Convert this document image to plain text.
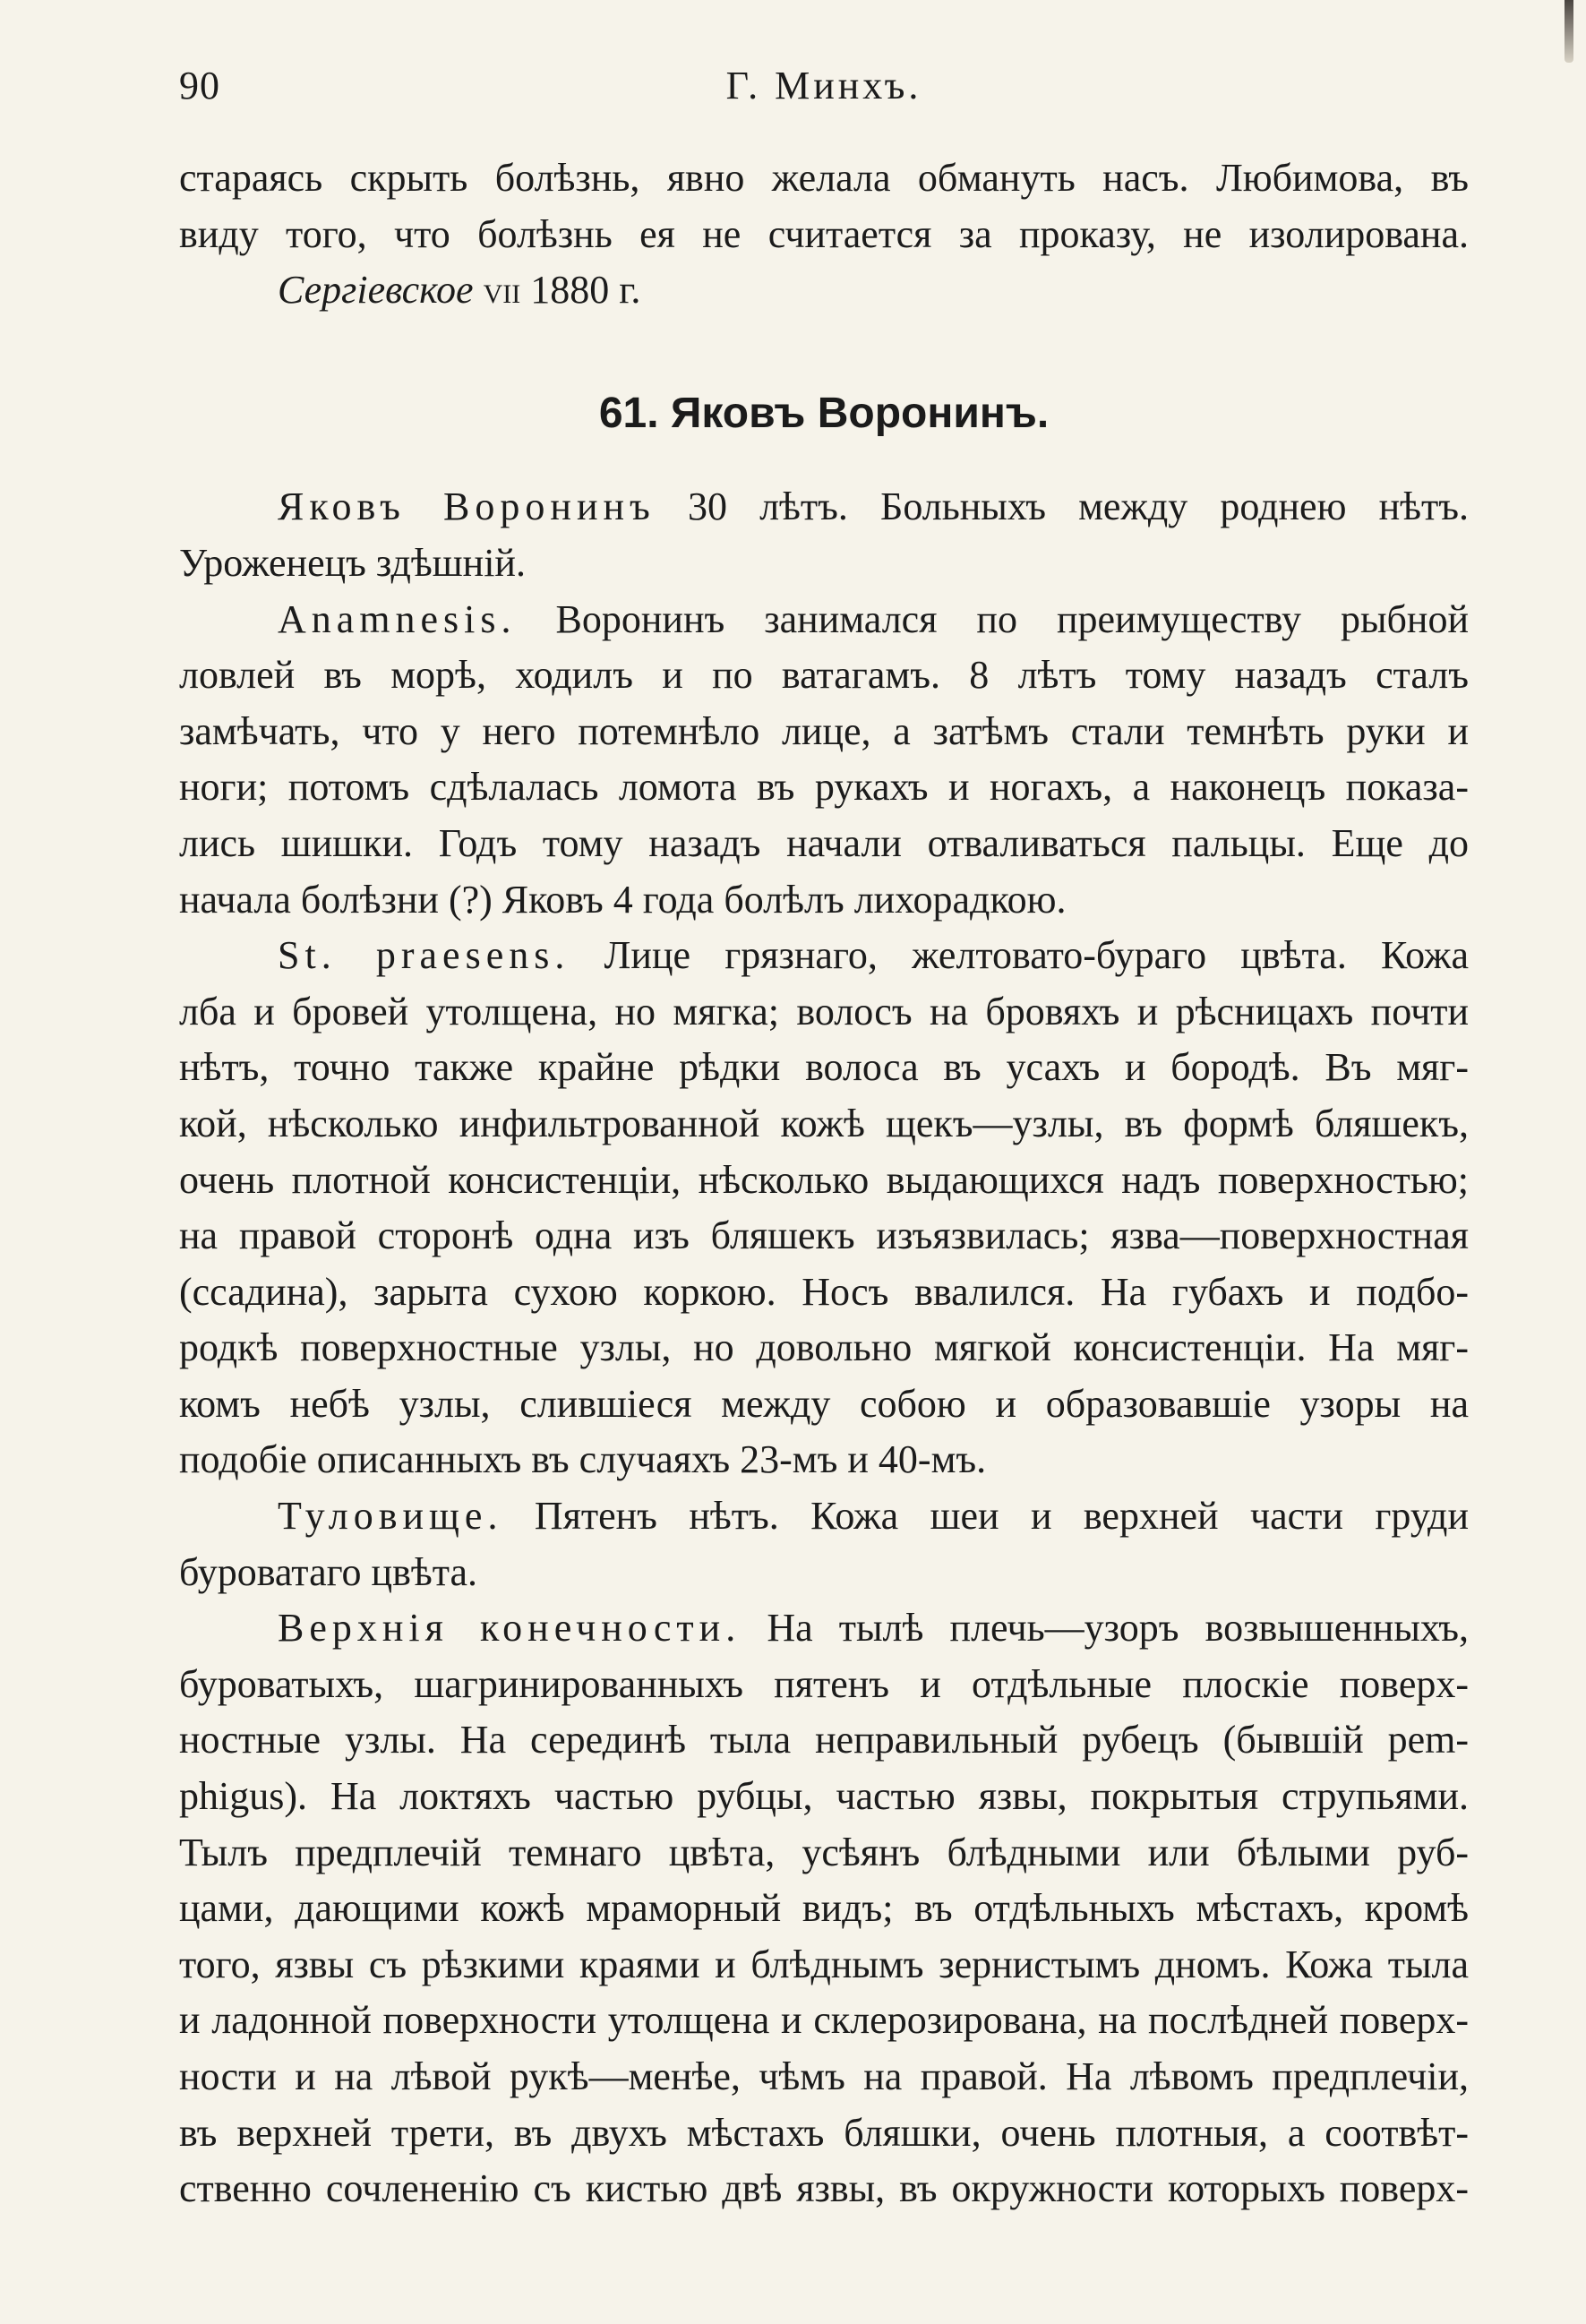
90	Г. Минхъ.

стараясь скрыть болѣзнь, явно желала обмануть насъ. Любимова, въ

виду того, что болѣзнь ея не считается за проказу, не изолирована.

Сергіевское VII 1880 г.

61. Яковъ Воронинъ.

Яковъ Воронинъ 30 лѣтъ. Больныхъ между роднею нѣтъ.

Уроженецъ здѣшній.

Anamnesis. Воронинъ занимался по преимуществу рыбной

ловлей въ морѣ, ходилъ и по ватагамъ. 8 лѣтъ тому назадъ сталъ

замѣчать, что у него потемнѣло лице, а затѣмъ стали темнѣть руки и

ноги; потомъ сдѣлалась ломота въ рукахъ и ногахъ, а наконецъ показа-

лись шишки. Годъ тому назадъ начали отваливаться пальцы. Еще до

начала болѣзни (?) Яковъ 4 года болѣлъ лихорадкою.

St. praesens. Лице грязнаго, желтовато-бураго цвѣта. Кожа

лба и бровей утолщена, но мягка; волосъ на бровяхъ и рѣсницахъ почти

нѣтъ, точно также крайне рѣдки волоса въ усахъ и бородѣ. Въ мяг-

кой, нѣсколько инфильтрованной кожѣ щекъ—узлы, въ формѣ бляшекъ,

очень плотной консистенціи, нѣсколько выдающихся надъ поверхностью;

на правой сторонѣ одна изъ бляшекъ изъязвилась; язва—поверхностная

(ссадина), зарыта сухою коркою. Носъ ввалился. На губахъ и подбо-

родкѣ поверхностные узлы, но довольно мягкой консистенціи. На мяг-

комъ небѣ узлы, слившіеся между собою и образовавшіе узоры на

подобіе описанныхъ въ случаяхъ 23-мъ и 40-мъ.

Туловище. Пятенъ нѣтъ. Кожа шеи и верхней части груди

буроватаго цвѣта.

Верхнія конечности. На тылѣ плечь—узоръ возвышенныхъ,

буроватыхъ, шагринированныхъ пятенъ и отдѣльные плоскіе поверх-

ностные узлы. На серединѣ тыла неправильный рубецъ (бывшій pem-

phigus). На локтяхъ частью рубцы, частью язвы, покрытыя струпьями.

Тылъ предплечій темнаго цвѣта, усѣянъ блѣдными или бѣлыми руб-

цами, дающими кожѣ мраморный видъ; въ отдѣльныхъ мѣстахъ, кромѣ

того, язвы съ рѣзкими краями и блѣднымъ зернистымъ дномъ. Кожа тыла

и ладонной поверхности утолщена и склерозирована, на послѣдней поверх-

ности и на лѣвой рукѣ—менѣе, чѣмъ на правой. На лѣвомъ предплечіи,

въ верхней трети, въ двухъ мѣстахъ бляшки, очень плотныя, а соотвѣт-

ственно сочлененію съ кистью двѣ язвы, въ окружности которыхъ поверх-
